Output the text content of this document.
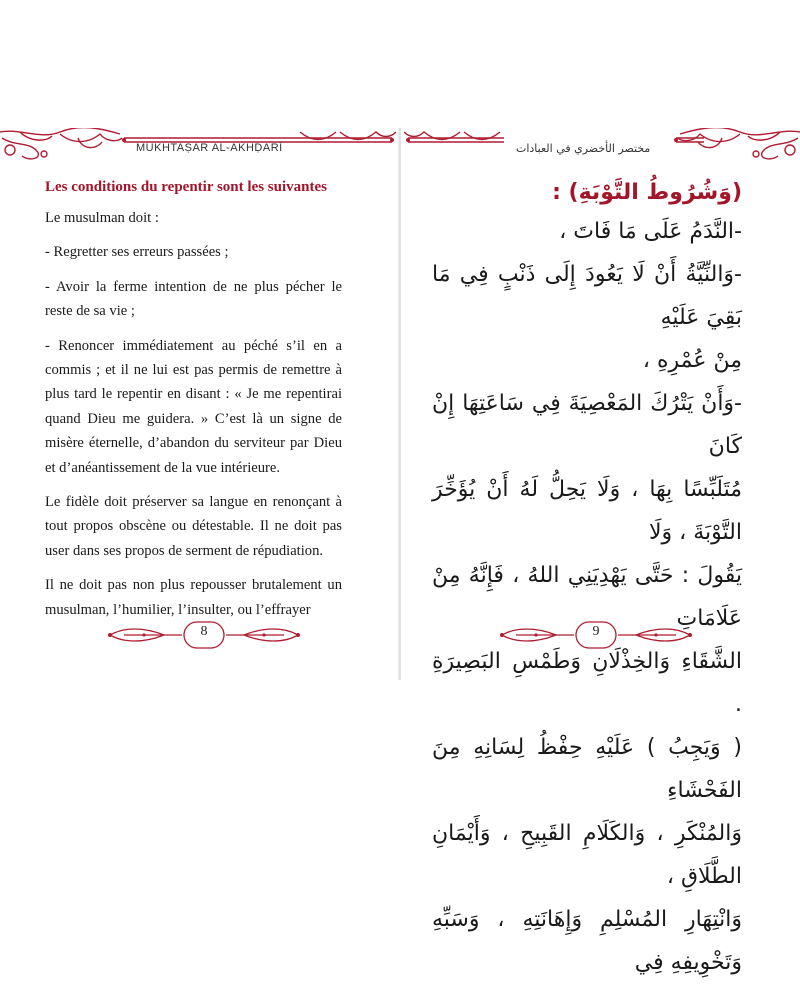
MUKHTAṢAR AL-AKHḌARĪ	مختصر الأخضري في العبادات
Les conditions du repentir sont les suivantes

Le musulman doit :

- Regretter ses erreurs passées ;

- Avoir la ferme intention de ne plus pécher le reste de sa vie ;

- Renoncer immédiatement au péché s’il en a commis ; et il ne lui est pas permis de remettre à plus tard le repentir en disant : « Je me repentirai quand Dieu me guidera. » C’est là un signe de misère éternelle, d’abandon du serviteur par Dieu et d’anéantissement de la vue intérieure.

Le fidèle doit préserver sa langue en renonçant à tout propos obscène ou détestable. Il ne doit pas user dans ses propos de serment de répudiation.

Il ne doit pas non plus repousser brutalement un musulman, l’humilier, l’insulter, ou l’effrayer

(وَشُرُوطُ التَّوْبَةِ) :
-النَّدَمُ عَلَى مَا فَاتَ ،
-وَالنِّيَّةُ أَنْ لَا يَعُودَ إِلَى ذَنْبٍ فِي مَا بَقِيَ عَلَيْهِ
مِنْ عُمْرِهِ ،
-وَأَنْ يَتْرُكَ المَعْصِيَةَ فِي سَاعَتِهَا إِنْ كَانَ
مُتَلَبِّسًا بِهَا ، وَلَا يَحِلُّ لَهُ أَنْ يُؤَخِّرَ التَّوْبَةَ ، وَلَا
يَقُولَ : حَتَّى يَهْدِيَنِي اللهُ ، فَإِنَّهُ مِنْ عَلَامَاتِ
الشَّقَاءِ وَالخِذْلَانِ وَطَمْسِ البَصِيرَةِ .
( وَيَجِبُ ) عَلَيْهِ حِفْظُ لِسَانِهِ مِنَ الفَحْشَاءِ
وَالمُنْكَرِ ، وَالكَلَامِ القَبِيحِ ، وَأَيْمَانِ الطَّلَاقِ ،
وَانْتِهَارِ المُسْلِمِ وَإِهَانَتِهِ ، وَسَبِّهِ وَتَخْوِيفِهِ فِي
8	9
